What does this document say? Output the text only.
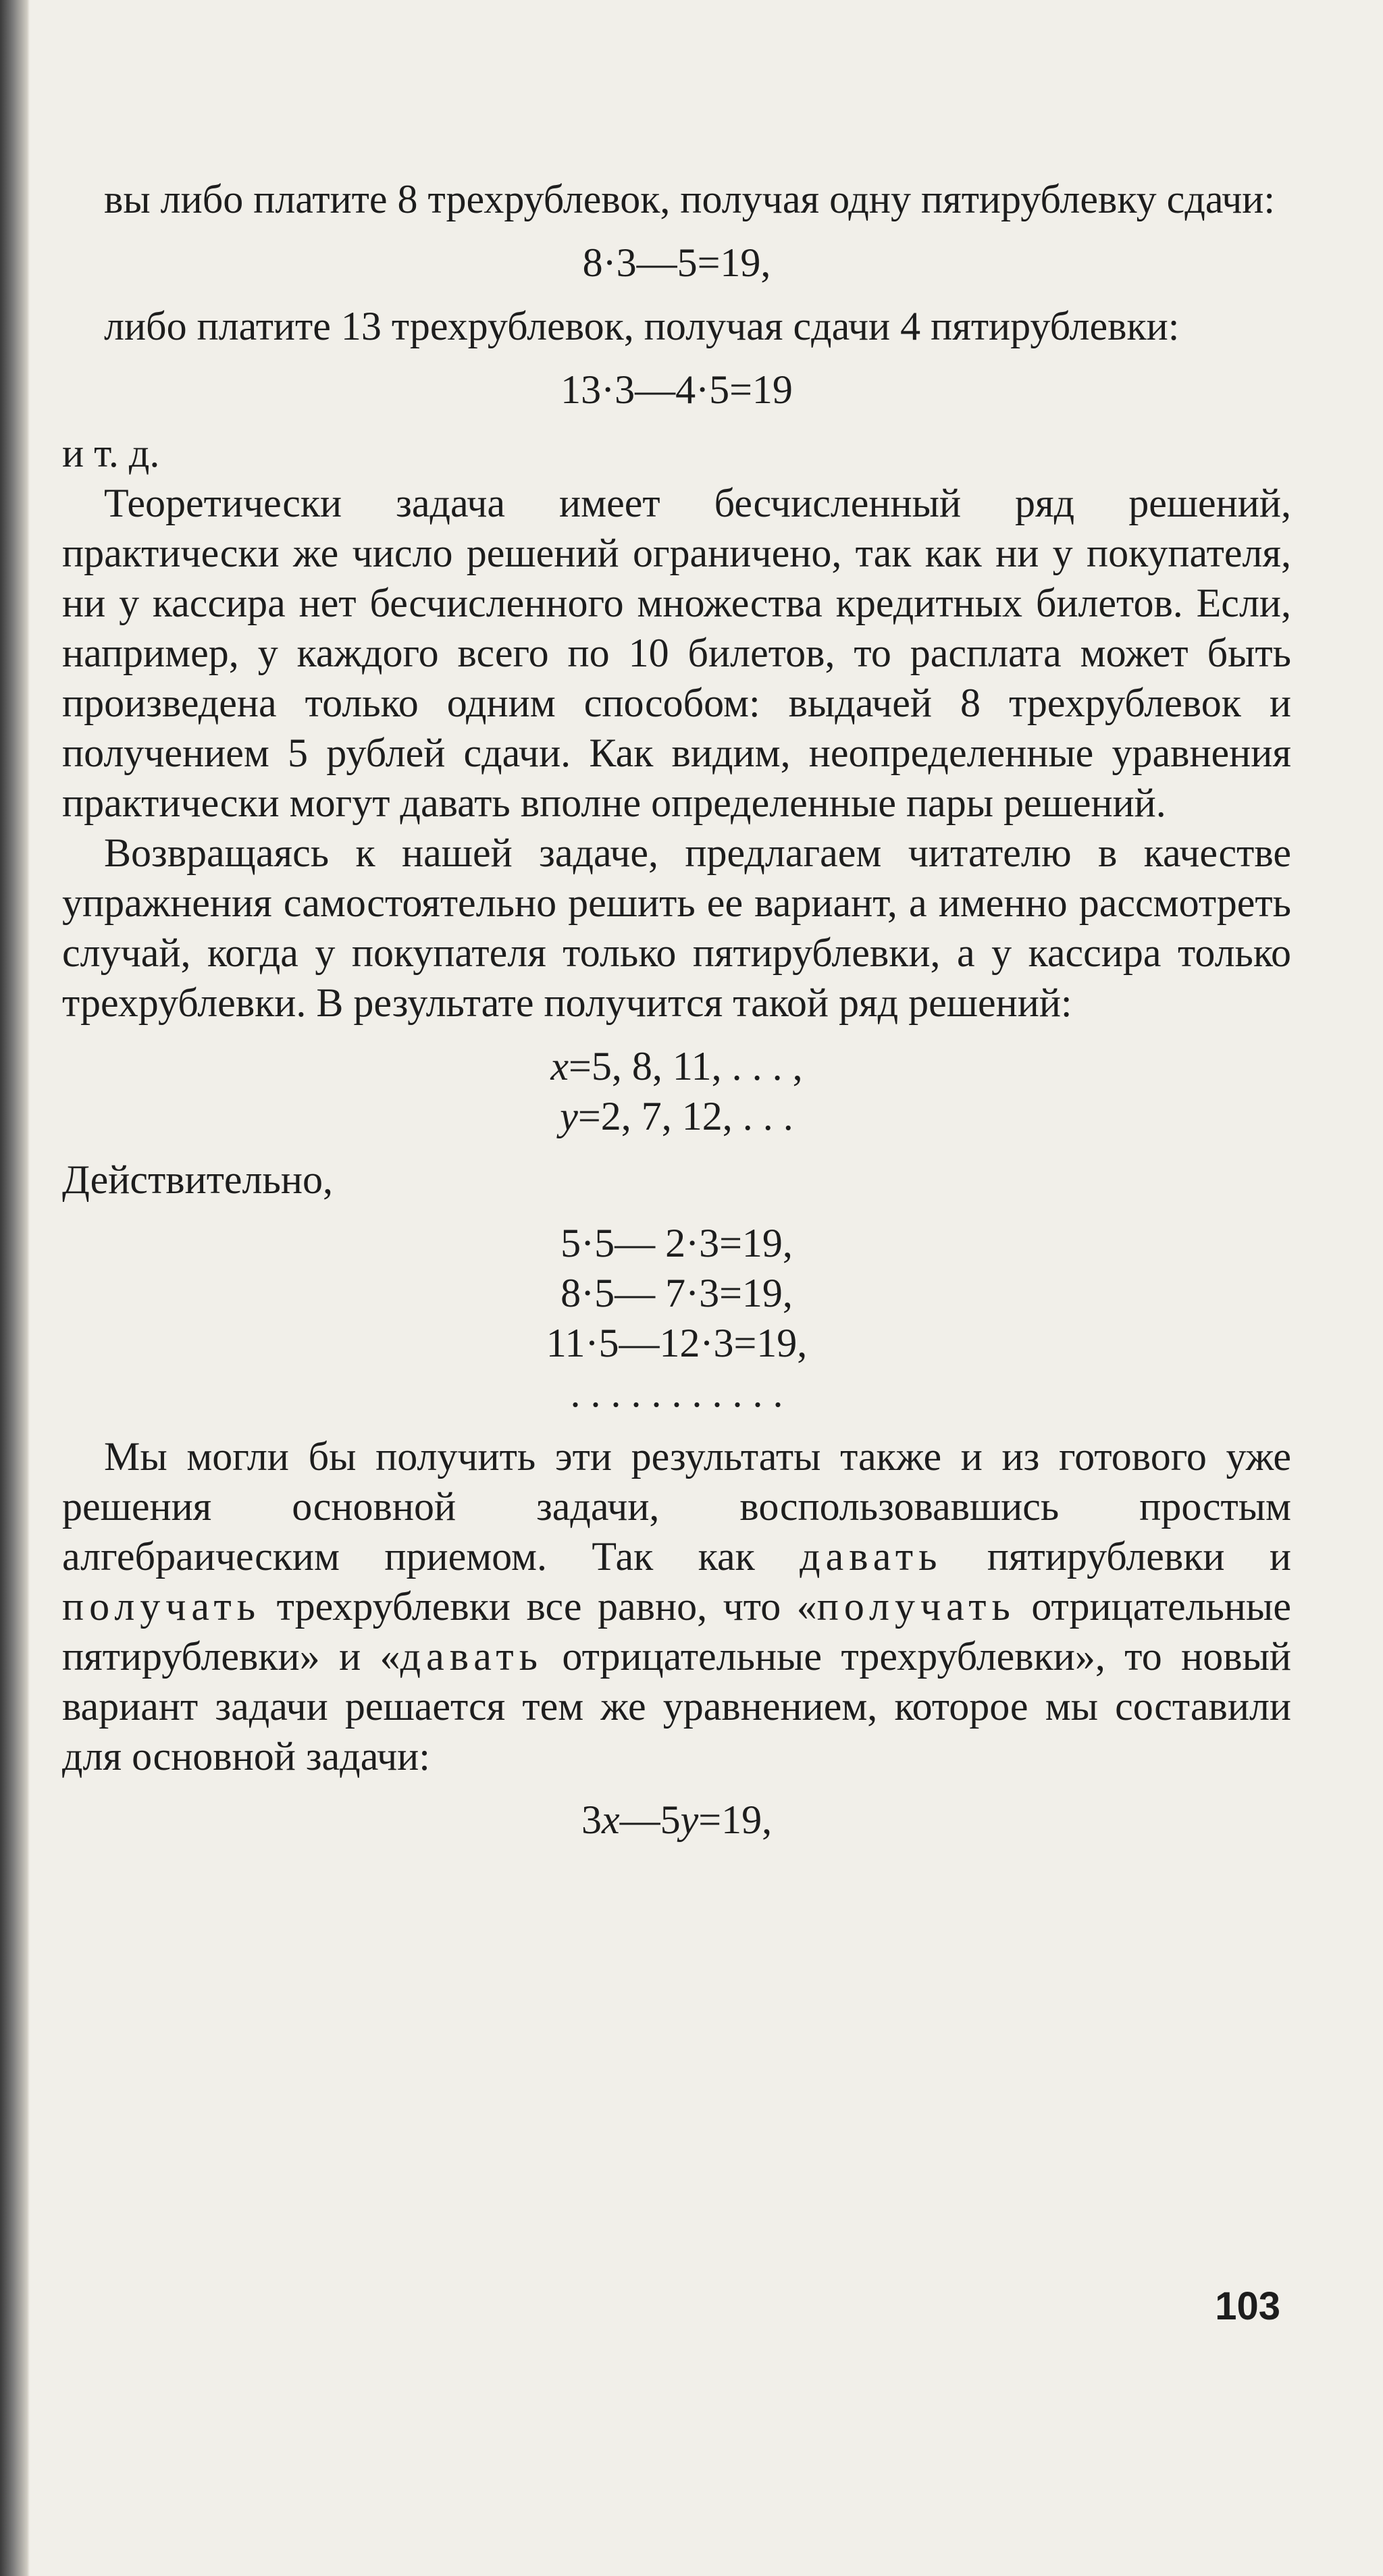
вы либо платите 8 трехрублевок, получая одну пятирублевку сдачи:

8·3—5=19,

либо платите 13 трехрублевок, получая сдачи 4 пятирублевки:

13·3—4·5=19

и т. д.

Теоретически задача имеет бесчисленный ряд решений, практически же число решений ограничено, так как ни у покупателя, ни у кассира нет бесчисленного множества кредитных билетов. Если, например, у каждого всего по 10 билетов, то расплата может быть произведена только одним способом: выдачей 8 трехрублевок и получением 5 рублей сдачи. Как видим, неопределенные уравнения практически могут давать вполне определенные пары решений.

Возвращаясь к нашей задаче, предлагаем читателю в качестве упражнения самостоятельно решить ее вариант, а именно рассмотреть случай, когда у покупателя только пятирублевки, а у кассира только трехрублевки. В результате получится такой ряд решений:

x=5, 8, 11, . . . ,
y=2, 7, 12, . . .

Действительно,

5·5— 2·3=19,
8·5— 7·3=19,
11·5—12·3=19,
. . . . . . . . . . .

Мы могли бы получить эти результаты также и из готового уже решения основной задачи, воспользовавшись простым алгебраическим приемом. Так как давать пятирублевки и получать трехрублевки все равно, что «получать отрицательные пятирублевки» и «давать отрицательные трехрублевки», то новый вариант задачи решается тем же уравнением, которое мы составили для основной задачи:

3x—5y=19,
103
